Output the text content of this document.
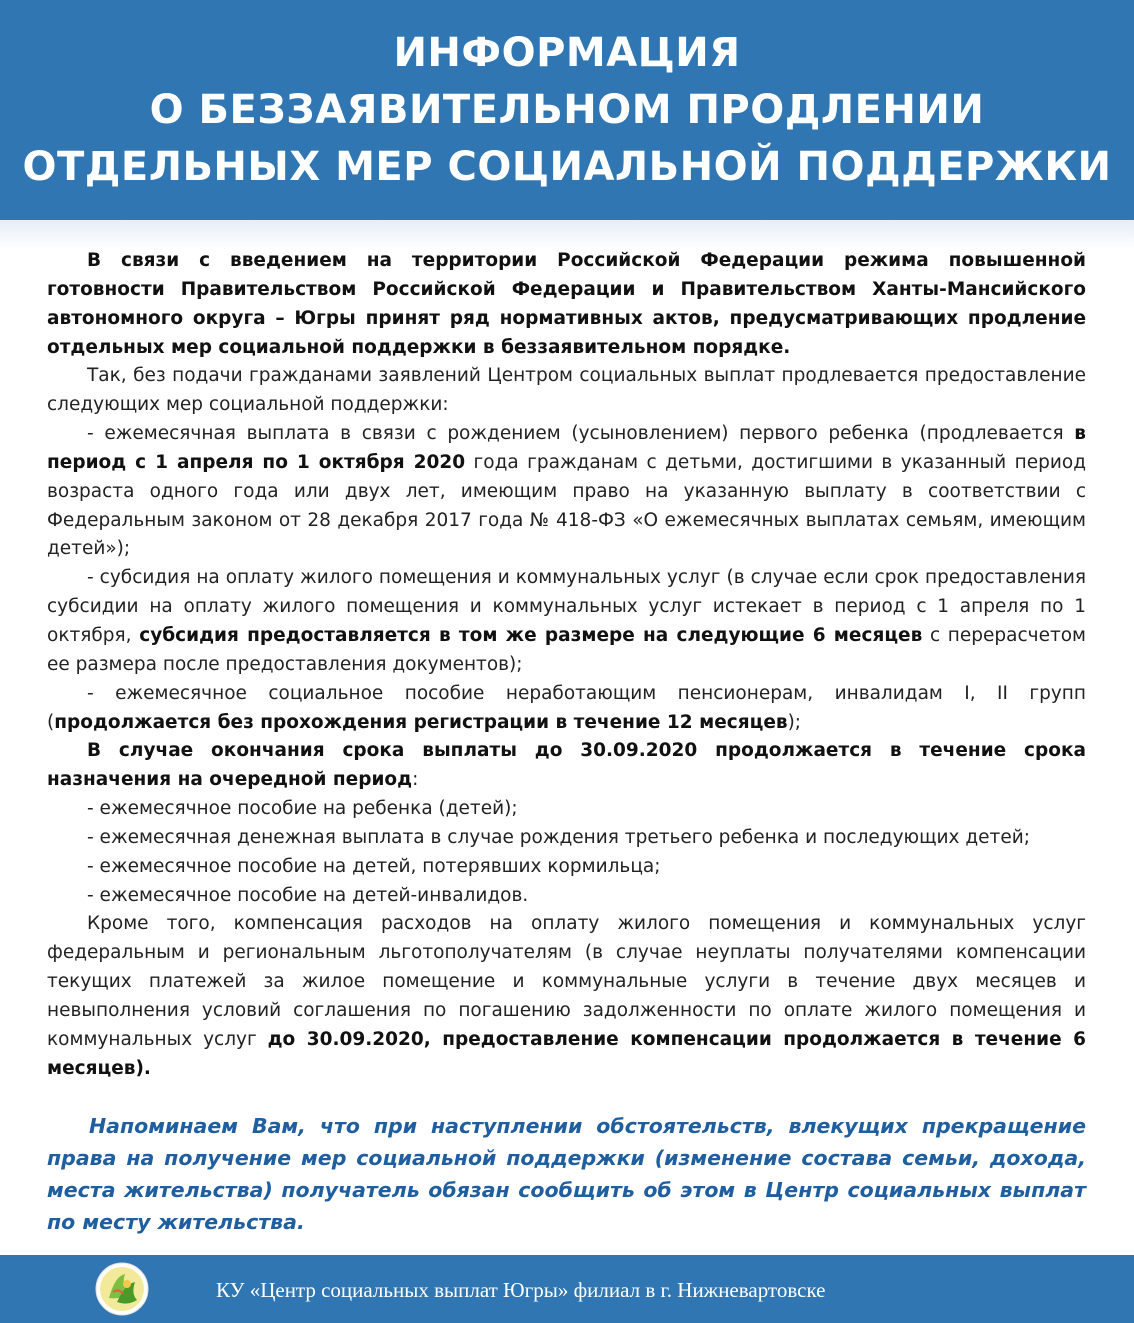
ИНФОРМАЦИЯ
О БЕЗЗАЯВИТЕЛЬНОМ ПРОДЛЕНИИ
ОТДЕЛЬНЫХ МЕР СОЦИАЛЬНОЙ ПОДДЕРЖКИ

В связи с введением на территории Российской Федерации режима повышенной готовности Правительством Российской Федерации и Правительством Ханты-Мансийского автономного округа – Югры принят ряд нормативных актов, предусматривающих продление отдельных мер социальной поддержки в беззаявительном порядке.

Так, без подачи гражданами заявлений Центром социальных выплат продлевается предоставление следующих мер социальной поддержки:

- ежемесячная выплата в связи с рождением (усыновлением) первого ребенка (продлевается в период с 1 апреля по 1 октября 2020 года гражданам с детьми, достигшими в указанный период возраста одного года или двух лет, имеющим право на указанную выплату в соответствии с Федеральным законом от 28 декабря 2017 года № 418-ФЗ «О ежемесячных выплатах семьям, имеющим детей»);

- субсидия на оплату жилого помещения и коммунальных услуг (в случае если срок предоставления субсидии на оплату жилого помещения и коммунальных услуг истекает в период с 1 апреля по 1 октября, субсидия предоставляется в том же размере на следующие 6 месяцев с перерасчетом ее размера после предоставления документов);

- ежемесячное социальное пособие неработающим пенсионерам, инвалидам I, II групп (продолжается без прохождения регистрации в течение 12 месяцев);

В случае окончания срока выплаты до 30.09.2020 продолжается в течение срока назначения на очередной период:

- ежемесячное пособие на ребенка (детей);

- ежемесячная денежная выплата в случае рождения третьего ребенка и последующих детей;

- ежемесячное пособие на детей, потерявших кормильца;

- ежемесячное пособие на детей-инвалидов.

Кроме того, компенсация расходов на оплату жилого помещения и коммунальных услуг федеральным и региональным льготополучателям (в случае неуплаты получателями компенсации текущих платежей за жилое помещение и коммунальные услуги в течение двух месяцев и невыполнения условий соглашения по погашению задолженности по оплате жилого помещения и коммунальных услуг до 30.09.2020, предоставление компенсации продолжается в течение 6 месяцев).

Напоминаем Вам, что при наступлении обстоятельств, влекущих прекращение права на получение мер социальной поддержки (изменение состава семьи, дохода, места жительства) получатель обязан сообщить об этом в Центр социальных выплат по месту жительства.

КУ «Центр социальных выплат Югры» филиал в г. Нижневартовске
